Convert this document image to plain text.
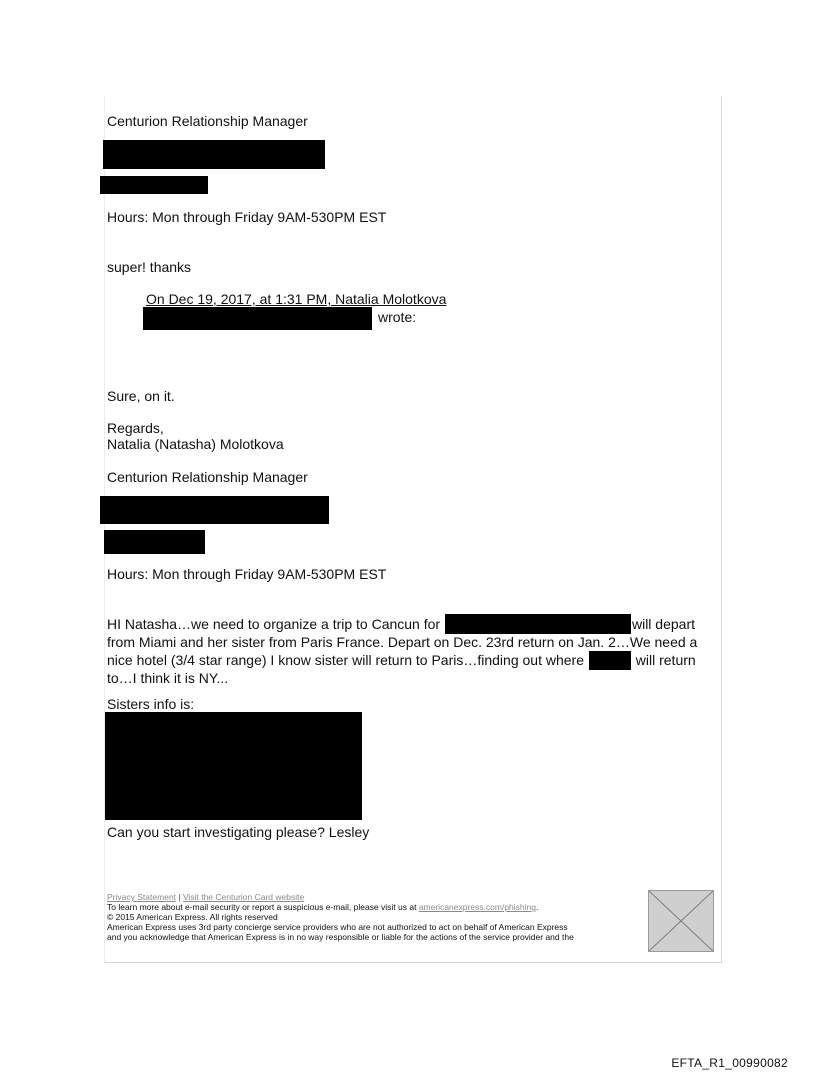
Centurion Relationship Manager
Hours: Mon through Friday 9AM-530PM EST
super! thanks
On Dec 19, 2017, at 1:31 PM, Natalia Molotkova
wrote:
Sure, on it.
Regards,
Natalia (Natasha) Molotkova
Centurion Relationship Manager
Hours: Mon through Friday 9AM-530PM EST
HI Natasha…we need to organize a trip to Cancun for	will depart from Miami and her sister from Paris France. Depart on Dec. 23rd return on Jan. 2…We need a nice hotel (3/4 star range) I know sister will return to Paris…finding out where	will return to…I think it is NY...
Sisters info is:
Can you start investigating please? Lesley
Privacy Statement | Visit the Centurion Card website
To learn more about e-mail security or report a suspicious e-mail, please visit us at americanexpress.com/phishing.
© 2015 American Express. All rights reserved
American Express uses 3rd party concierge service providers who are not authorized to act on behalf of American Express
and you acknowledge that American Express is in no way responsible or liable for the actions of the service provider and the
EFTA_R1_00990082
